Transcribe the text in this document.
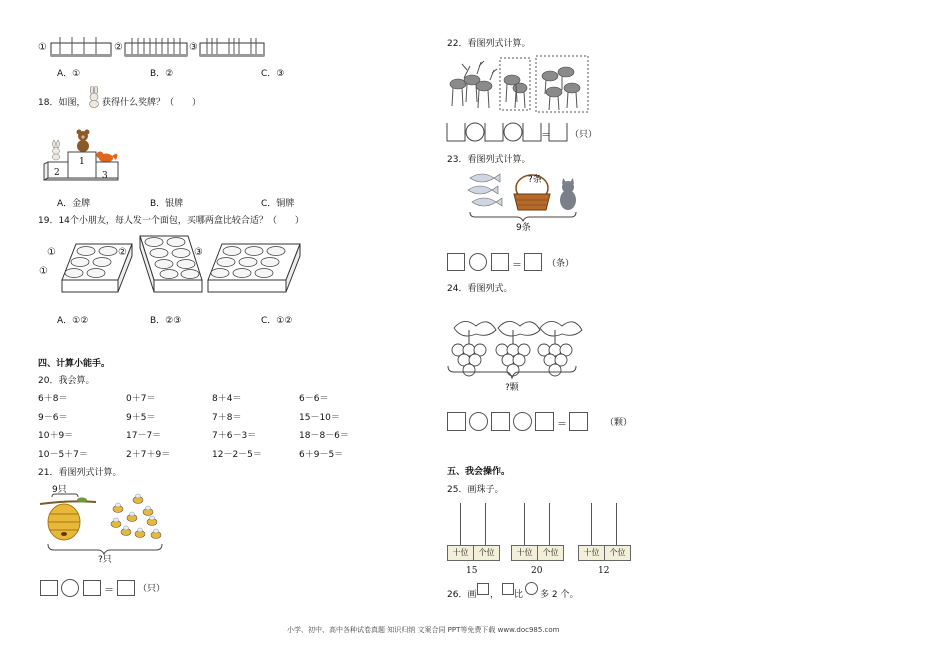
①	②	③
A．①	B．②	C．③
18．如图， 获得什么奖牌？（　　）
2
1
3
A．金牌	B．银牌	C．铜牌
19．14个小朋友，每人发一个面包，买哪两盒比较合适？（　　）
①
①
②	③
A．①②	B．②③	C．①②
四、计算小能手。
20．我会算。
6＋8＝	0＋7＝	8＋4＝	6－6＝
9－6＝	9＋5＝	7＋8＝	15－10＝
10＋9＝	17－7＝	7＋6－3＝	18－8－6＝
10－5＋7＝	2＋7＋9＝	12－2－5＝	6＋9－5＝
21．看图列式计算。
9只
?只
＝	（只）
22．看图列式计算。
＝ （只）
23．看图列式计算。
?条
9条
＝	（条）
24．看图列式。
?颗
＝	（颗）
五、我会操作。
25．画珠子。
十位	个位
15
十位	个位
20
十位	个位
12
26．画 ， 比 多 2 个。
小学、初中、高中各种试卷真题 知识归纳 文案合同 PPT等免费下载 www.doc985.com
